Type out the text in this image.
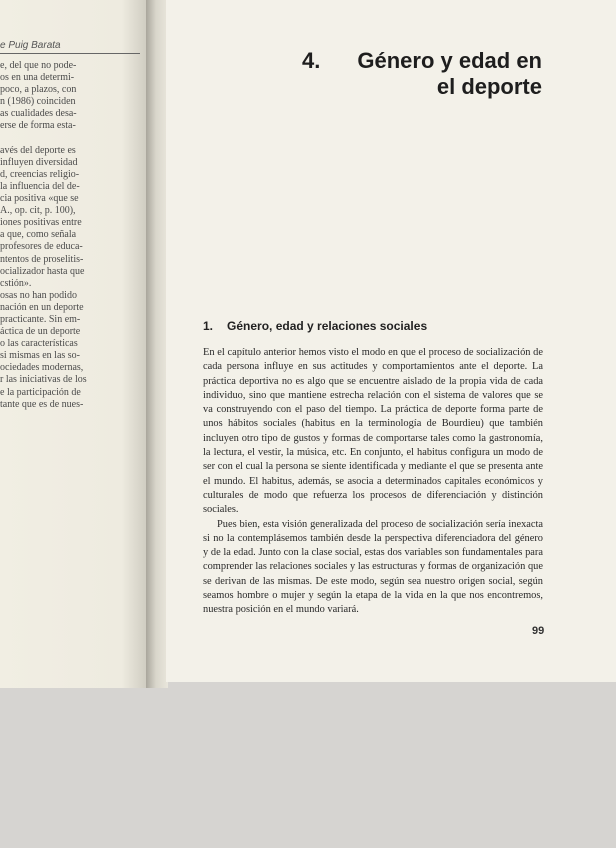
e Puig Barata
e, del que no pode-
os en una determi-
poco, a plazos, con
n (1986) coinciden
as cualidades desa-
erse de forma esta-

avés del deporte es
influyen diversidad
d, creencias religio-
la influencia del de-
cia positiva «que se
A., op. cit, p. 100),
iones positivas entre
a que, como señala
profesores de educa-
ntentos de proselitis-
ocializador hasta que
cstión».
osas no han podido
nación en un deporte
practicante. Sin em-
áctica de un deporte
o las características
si mismas en las so-
ociedades modernas,
r las iniciativas de los
e la participación de
tante que es de nues-
4. Género y edad en
el deporte
1. Género, edad y relaciones sociales

En el capítulo anterior hemos visto el modo en que el proceso de socialización de cada persona influye en sus actitudes y comportamientos ante el deporte. La práctica deportiva no es algo que se encuentre aislado de la propia vida de cada individuo, sino que mantiene estrecha relación con el sistema de valores que se va construyendo con el paso del tiempo. La práctica de deporte forma parte de unos hábitos sociales (habitus en la terminología de Bourdieu) que también incluyen otro tipo de gustos y formas de comportarse tales como la gastronomía, la lectura, el vestir, la música, etc. En conjunto, el habitus configura un modo de ser con el cual la persona se siente identificada y mediante el que se presenta ante el mundo. El habitus, además, se asocia a determinados capitales económicos y culturales de modo que refuerza los procesos de diferenciación y distinción sociales.

Pues bien, esta visión generalizada del proceso de socialización sería inexacta si no la contemplásemos también desde la perspectiva diferenciadora del género y de la edad. Junto con la clase social, estas dos variables son fundamentales para comprender las relaciones sociales y las estructuras y formas de organización que se derivan de las mismas. De este modo, según sea nuestro origen social, según seamos hombre o mujer y según la etapa de la vida en la que nos encontremos, nuestra posición en el mundo variará.

99
